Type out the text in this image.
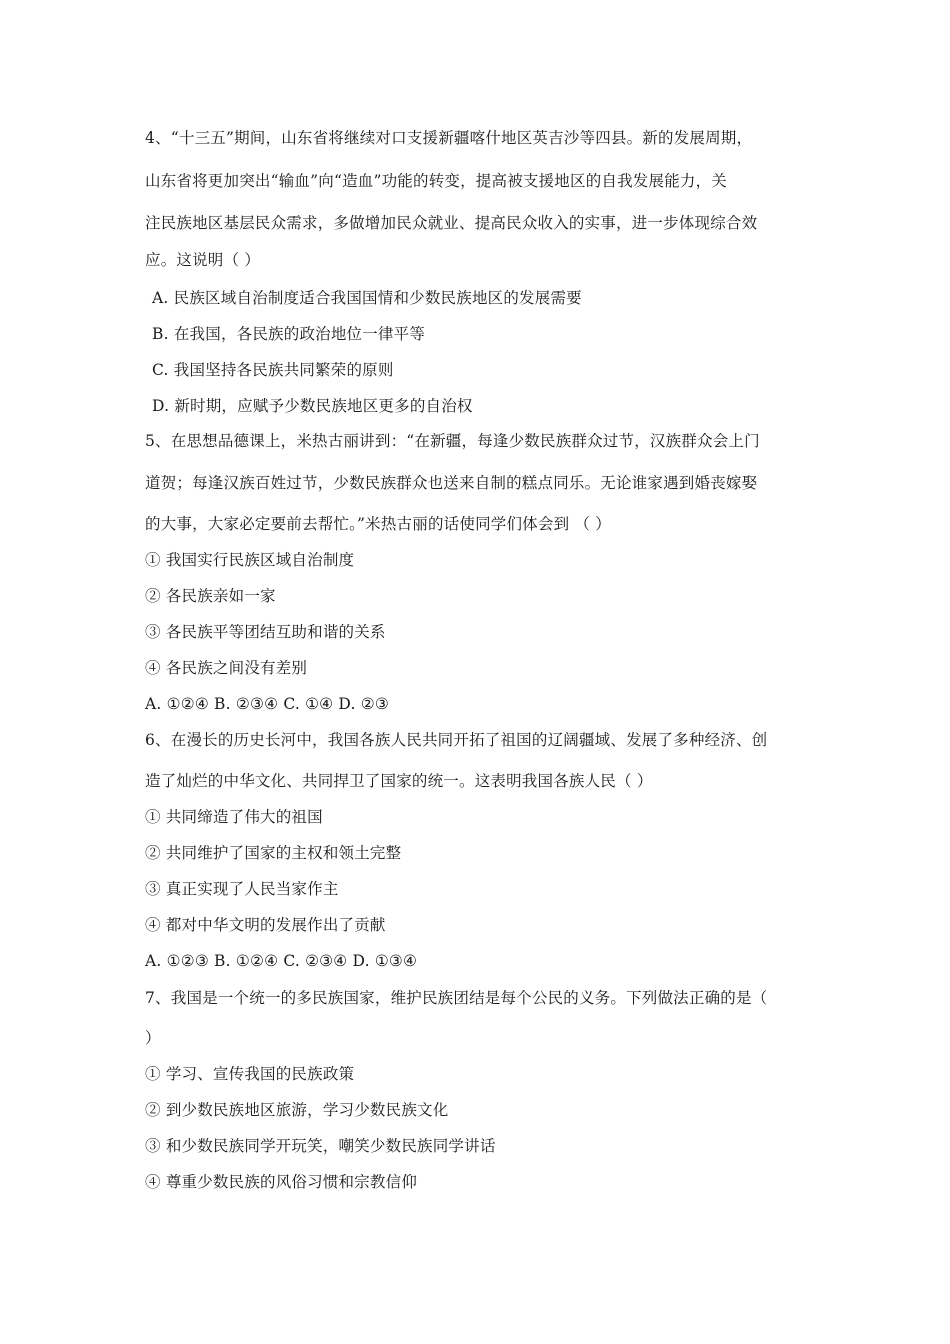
4、“十三五”期间，山东省将继续对口支援新疆喀什地区英吉沙等四县。新的发展周期，
山东省将更加突出“输血”向“造血”功能的转变，提高被支援地区的自我发展能力，关
注民族地区基层民众需求，多做增加民众就业、提高民众收入的实事，进一步体现综合效
应。这说明（ ）
A. 民族区域自治制度适合我国国情和少数民族地区的发展需要
B. 在我国，各民族的政治地位一律平等
C. 我国坚持各民族共同繁荣的原则
D. 新时期，应赋予少数民族地区更多的自治权
5、在思想品德课上，米热古丽讲到：“在新疆，每逢少数民族群众过节，汉族群众会上门
道贺；每逢汉族百姓过节，少数民族群众也送来自制的糕点同乐。无论谁家遇到婚丧嫁娶
的大事，大家必定要前去帮忙。”米热古丽的话使同学们体会到 （ ）
① 我国实行民族区域自治制度
② 各民族亲如一家
③ 各民族平等团结互助和谐的关系
④ 各民族之间没有差别
A. ①②④ B. ②③④ C. ①④ D. ②③
6、在漫长的历史长河中，我国各族人民共同开拓了祖国的辽阔疆域、发展了多种经济、创
造了灿烂的中华文化、共同捍卫了国家的统一。这表明我国各族人民（ ）
① 共同缔造了伟大的祖国
② 共同维护了国家的主权和领土完整
③ 真正实现了人民当家作主
④ 都对中华文明的发展作出了贡献
A. ①②③ B. ①②④ C. ②③④ D. ①③④
7、我国是一个统一的多民族国家，维护民族团结是每个公民的义务。下列做法正确的是（
）
① 学习、宣传我国的民族政策
② 到少数民族地区旅游，学习少数民族文化
③ 和少数民族同学开玩笑，嘲笑少数民族同学讲话
④ 尊重少数民族的风俗习惯和宗教信仰
